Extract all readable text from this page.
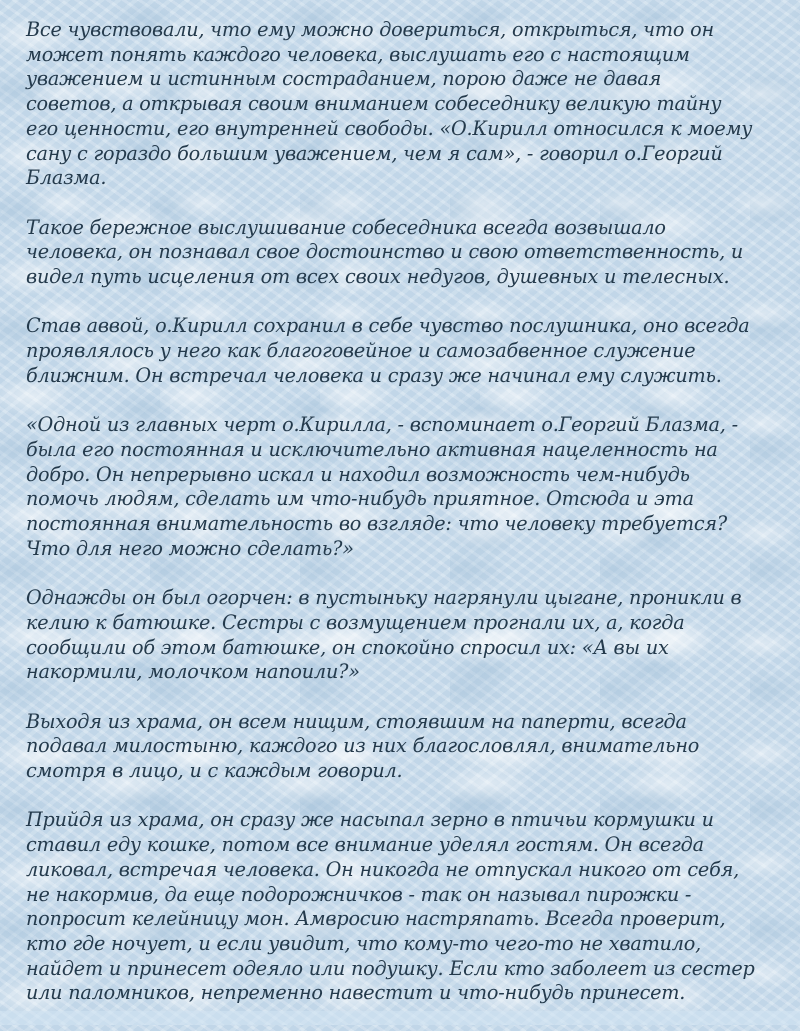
Все чувствовали, что ему можно довериться, открыться, что он
может понять каждого человека, выслушать его с настоящим
уважением и истинным состраданием, порою даже не давая
советов, а открывая своим вниманием собеседнику великую тайну
его ценности, его внутренней свободы. «О.Кирилл относился к моему
сану с гораздо большим уважением, чем я сам», - говорил о.Георгий
Блазма.

Такое бережное выслушивание собеседника всегда возвышало
человека, он познавал свое достоинство и свою ответственность, и
видел путь исцеления от всех своих недугов, душевных и телесных.

Став аввой, о.Кирилл сохранил в себе чувство послушника, оно всегда
проявлялось у него как благоговейное и самозабвенное служение
ближним. Он встречал человека и сразу же начинал ему служить.

«Одной из главных черт о.Кирилла, - вспоминает о.Георгий Блазма, -
была его постоянная и исключительно активная нацеленность на
добро. Он непрерывно искал и находил возможность чем-нибудь
помочь людям, сделать им что-нибудь приятное. Отсюда и эта
постоянная внимательность во взгляде: что человеку требуется?
Что для него можно сделать?»

Однажды он был огорчен: в пустыньку нагрянули цыгане, проникли в
келию к батюшке. Сестры с возмущением прогнали их, а, когда
сообщили об этом батюшке, он спокойно спросил их: «А вы их
накормили, молочком напоили?»

Выходя из храма, он всем нищим, стоявшим на паперти, всегда
подавал милостыню, каждого из них благословлял, внимательно
смотря в лицо, и с каждым говорил.

Прийдя из храма, он сразу же насыпал зерно в птичьи кормушки и
ставил еду кошке, потом все внимание уделял гостям. Он всегда
ликовал, встречая человека. Он никогда не отпускал никого от себя,
не накормив, да еще подорожничков - так он называл пирожки -
попросит келейницу мон. Амвросию настряпать. Всегда проверит,
кто где ночует, и если увидит, что кому-то чего-то не хватило,
найдет и принесет одеяло или подушку. Если кто заболеет из сестер
или паломников, непременно навестит и что-нибудь принесет.
